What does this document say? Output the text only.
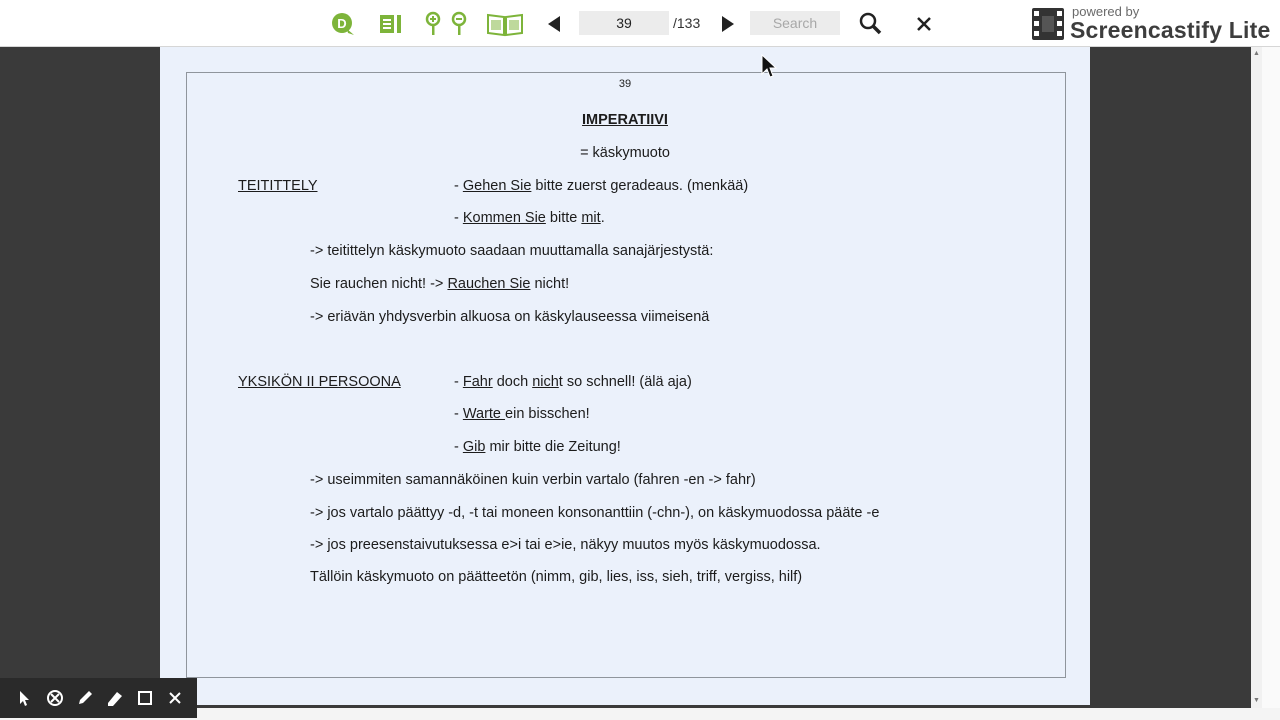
D
39	/133
Search
powered by
Screencastify Lite
39
IMPERATIIVI
= käskymuoto
TEITITTELY	- Gehen Sie bitte zuerst geradeaus. (menkää)
- Kommen Sie bitte mit.
-> teitittelyn käskymuoto saadaan muuttamalla sanajärjestystä:
Sie rauchen nicht! -> Rauchen Sie nicht!
-> eriävän yhdysverbin alkuosa on käskylauseessa viimeisenä
YKSIKÖN II PERSOONA	- Fahr doch nicht so schnell! (älä aja)
- Warte ein bisschen!
- Gib mir bitte die Zeitung!
-> useimmiten samannäköinen kuin verbin vartalo (fahren -en -> fahr)
-> jos vartalo päättyy -d, -t tai moneen konsonanttiin (-chn-), on käskymuodossa pääte -e
-> jos preesenstaivutuksessa e>i tai e>ie, näkyy muutos myös käskymuodossa.
Tällöin käskymuoto on päätteetön (nimm, gib, lies, iss, sieh, triff, vergiss, hilf)
▲
▼
